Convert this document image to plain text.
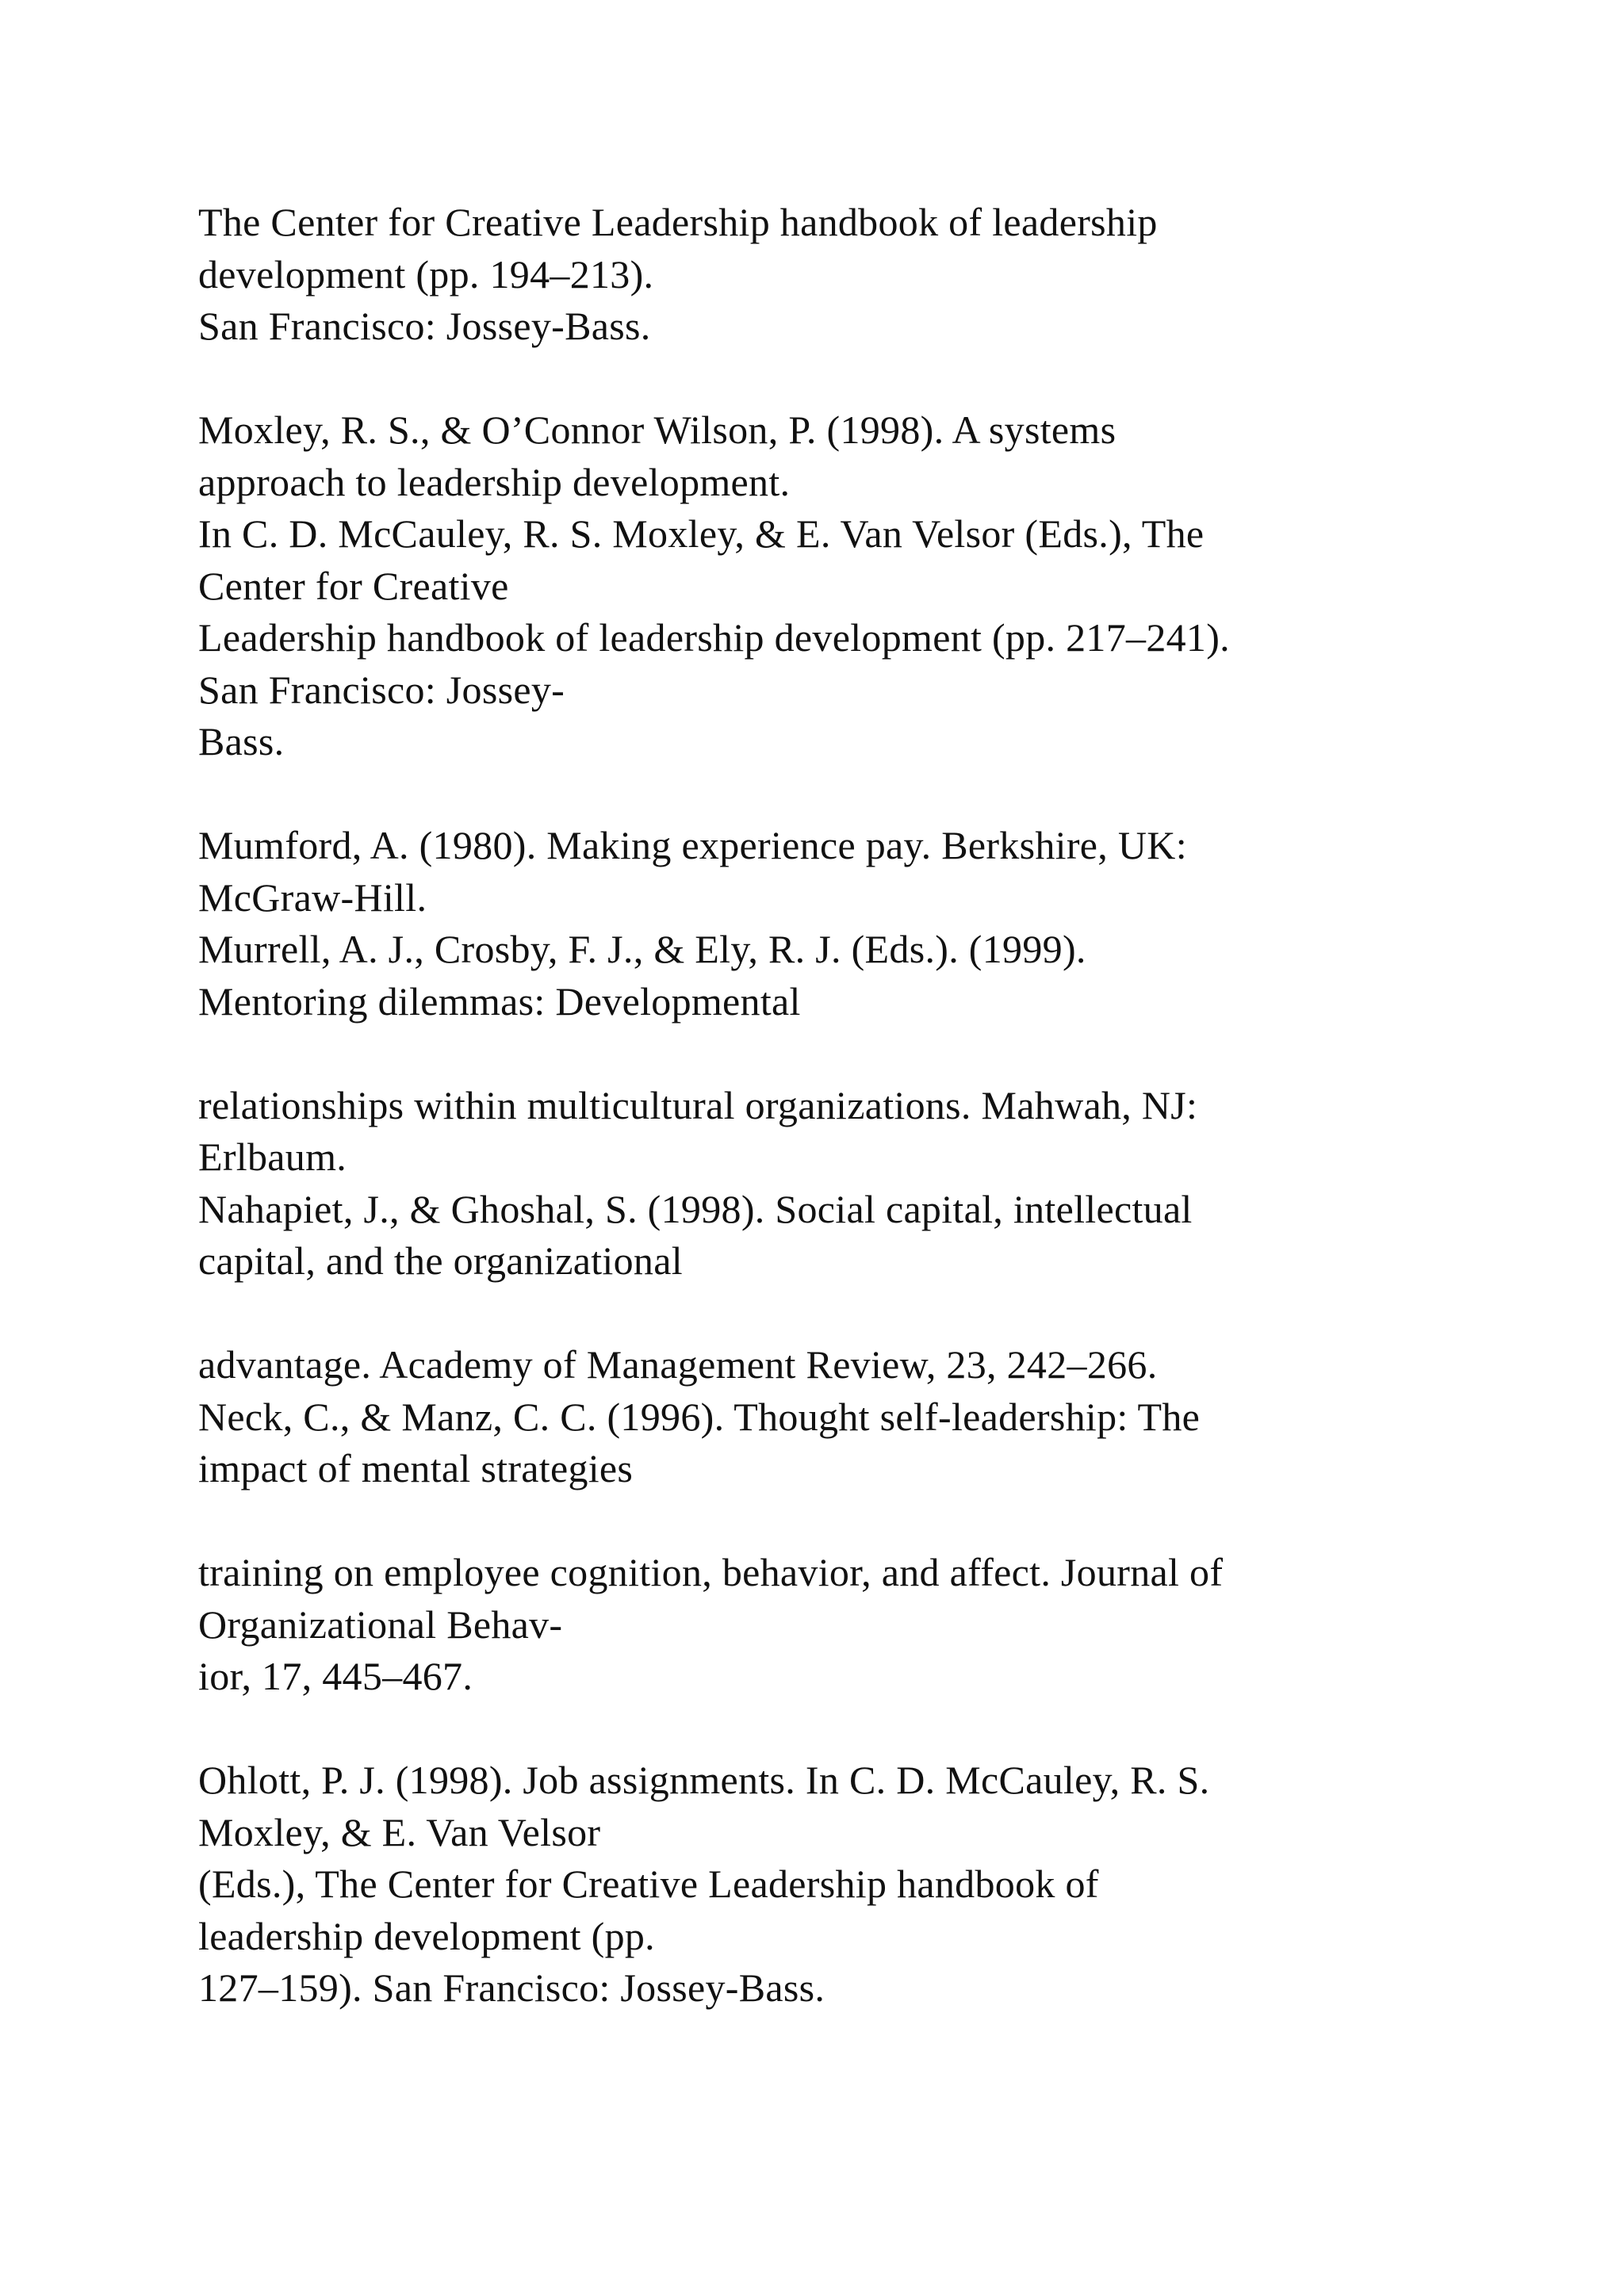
The Center for Creative Leadership handbook of leadership
development (pp. 194–213).
San Francisco: Jossey-Bass.
Moxley, R. S., & O’Connor Wilson, P. (1998). A systems
approach to leadership development.
In C. D. McCauley, R. S. Moxley, & E. Van Velsor (Eds.), The
Center for Creative
Leadership handbook of leadership development (pp. 217–241).
San Francisco: Jossey-
Bass.
Mumford, A. (1980). Making experience pay. Berkshire, UK:
McGraw-Hill.
Murrell, A. J., Crosby, F. J., & Ely, R. J. (Eds.). (1999).
Mentoring dilemmas: Developmental
relationships within multicultural organizations. Mahwah, NJ:
Erlbaum.
Nahapiet, J., & Ghoshal, S. (1998). Social capital, intellectual
capital, and the organizational
advantage. Academy of Management Review, 23, 242–266.
Neck, C., & Manz, C. C. (1996). Thought self-leadership: The
impact of mental strategies
training on employee cognition, behavior, and affect. Journal of
Organizational Behav-
ior, 17, 445–467.
Ohlott, P. J. (1998). Job assignments. In C. D. McCauley, R. S.
Moxley, & E. Van Velsor
(Eds.), The Center for Creative Leadership handbook of
leadership development (pp.
127–159). San Francisco: Jossey-Bass.
